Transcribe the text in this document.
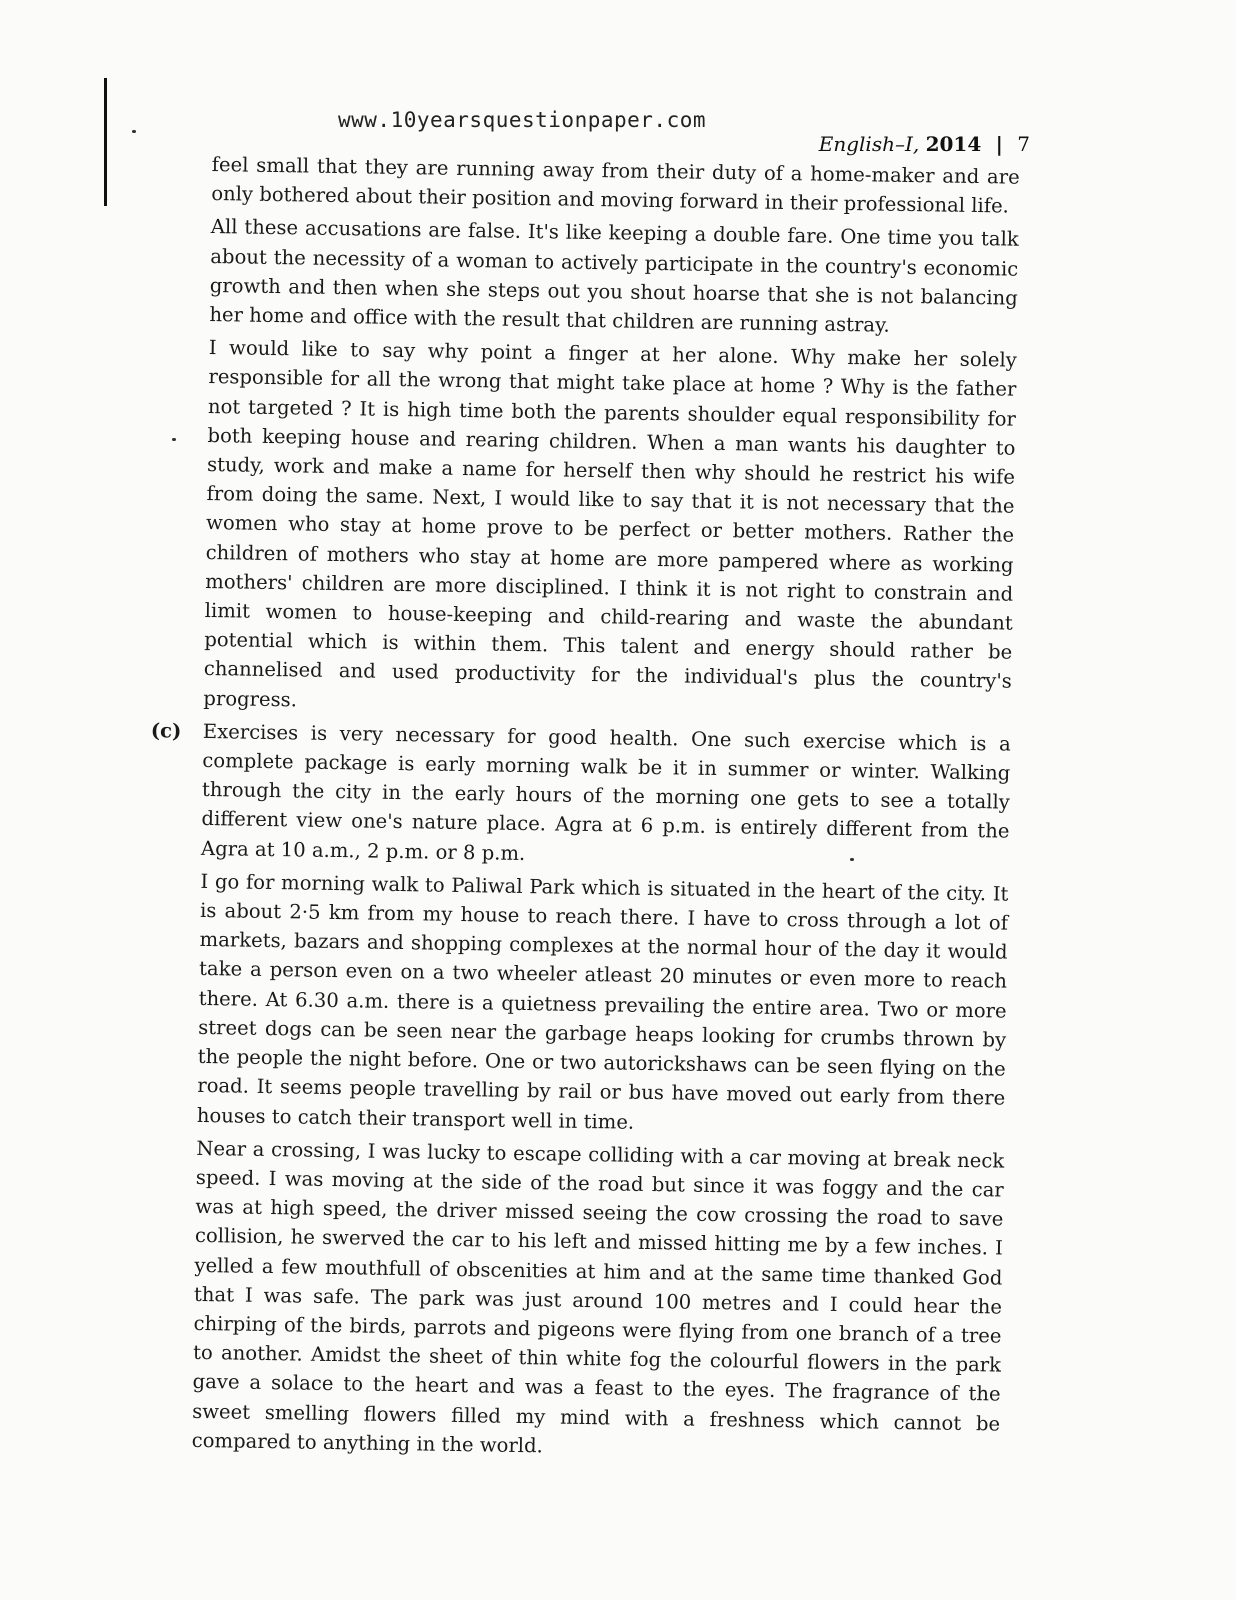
www.10yearsquestionpaper.com
English–I, 2014 | 7

feel small that they are running away from their duty of a home-maker and are only bothered about their position and moving forward in their professional life.

All these accusations are false. It's like keeping a double fare. One time you talk about the necessity of a woman to actively participate in the country's economic growth and then when she steps out you shout hoarse that she is not balancing her home and office with the result that children are running astray.

I would like to say why point a finger at her alone. Why make her solely responsible for all the wrong that might take place at home ? Why is the father not targeted ? It is high time both the parents shoulder equal responsibility for both keeping house and rearing children. When a man wants his daughter to study, work and make a name for herself then why should he restrict his wife from doing the same. Next, I would like to say that it is not necessary that the women who stay at home prove to be perfect or better mothers. Rather the children of mothers who stay at home are more pampered where as working mothers' children are more disciplined. I think it is not right to constrain and limit women to house-keeping and child-rearing and waste the abundant potential which is within them. This talent and energy should rather be channelised and used productivity for the individual's plus the country's progress.

(c) Exercises is very necessary for good health. One such exercise which is a complete package is early morning walk be it in summer or winter. Walking through the city in the early hours of the morning one gets to see a totally different view one's nature place. Agra at 6 p.m. is entirely different from the Agra at 10 a.m., 2 p.m. or 8 p.m.

I go for morning walk to Paliwal Park which is situated in the heart of the city. It is about 2·5 km from my house to reach there. I have to cross through a lot of markets, bazars and shopping complexes at the normal hour of the day it would take a person even on a two wheeler atleast 20 minutes or even more to reach there. At 6.30 a.m. there is a quietness prevailing the entire area. Two or more street dogs can be seen near the garbage heaps looking for crumbs thrown by the people the night before. One or two autorickshaws can be seen flying on the road. It seems people travelling by rail or bus have moved out early from there houses to catch their transport well in time.

Near a crossing, I was lucky to escape colliding with a car moving at break neck speed. I was moving at the side of the road but since it was foggy and the car was at high speed, the driver missed seeing the cow crossing the road to save collision, he swerved the car to his left and missed hitting me by a few inches. I yelled a few mouthfull of obscenities at him and at the same time thanked God that I was safe. The park was just around 100 metres and I could hear the chirping of the birds, parrots and pigeons were flying from one branch of a tree to another. Amidst the sheet of thin white fog the colourful flowers in the park gave a solace to the heart and was a feast to the eyes. The fragrance of the sweet smelling flowers filled my mind with a freshness which cannot be compared to anything in the world.
